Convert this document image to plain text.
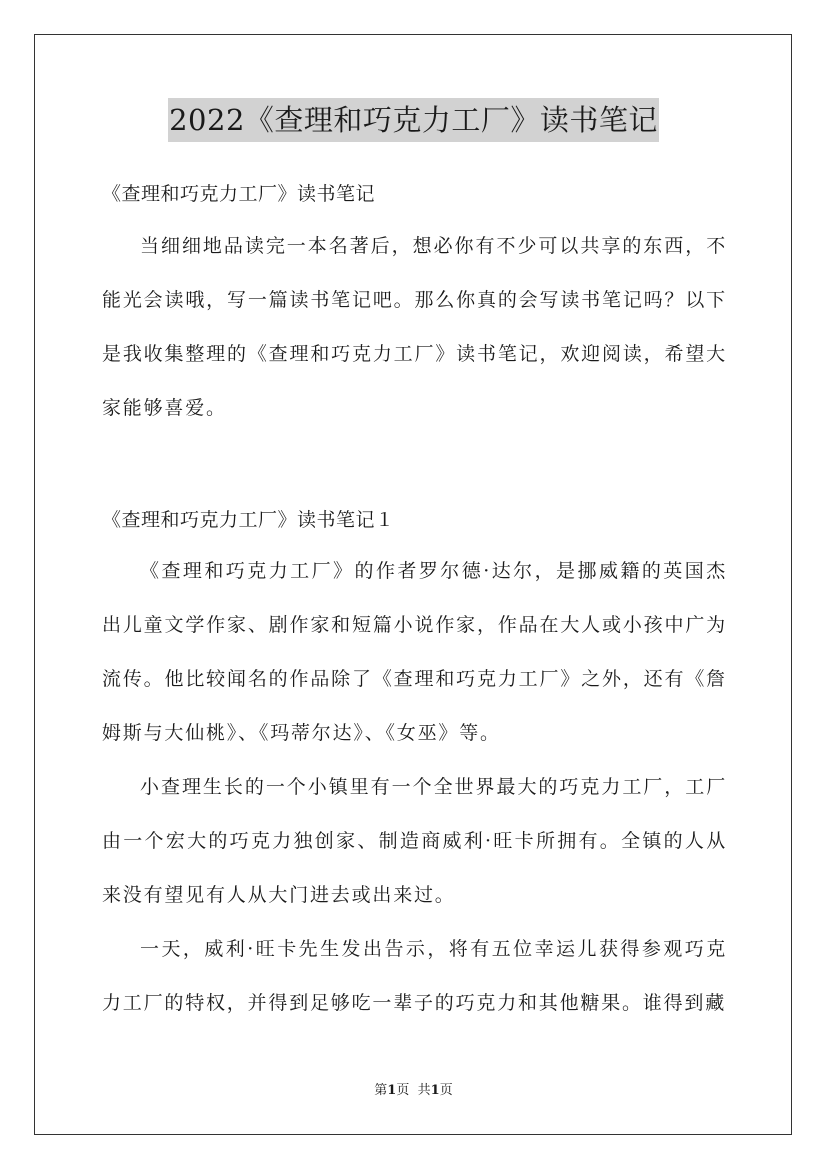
2022《查理和巧克力工厂》读书笔记
《查理和巧克力工厂》读书笔记

当细细地品读完一本名著后，想必你有不少可以共享的东西，不能光会读哦，写一篇读书笔记吧。那么你真的会写读书笔记吗？以下是我收集整理的《查理和巧克力工厂》读书笔记，欢迎阅读，希望大家能够喜爱。

《查理和巧克力工厂》读书笔记１

《查理和巧克力工厂》的作者罗尔德·达尔，是挪威籍的英国杰出儿童文学作家、剧作家和短篇小说作家，作品在大人或小孩中广为流传。他比较闻名的作品除了《查理和巧克力工厂》之外，还有《詹姆斯与大仙桃》、《玛蒂尔达》、《女巫》等。

小查理生长的一个小镇里有一个全世界最大的巧克力工厂，工厂由一个宏大的巧克力独创家、制造商威利·旺卡所拥有。全镇的人从来没有望见有人从大门进去或出来过。

一天，威利·旺卡先生发出告示，将有五位幸运儿获得参观巧克力工厂的特权，并得到足够吃一辈子的巧克力和其他糖果。谁得到藏

第1页 共1页
